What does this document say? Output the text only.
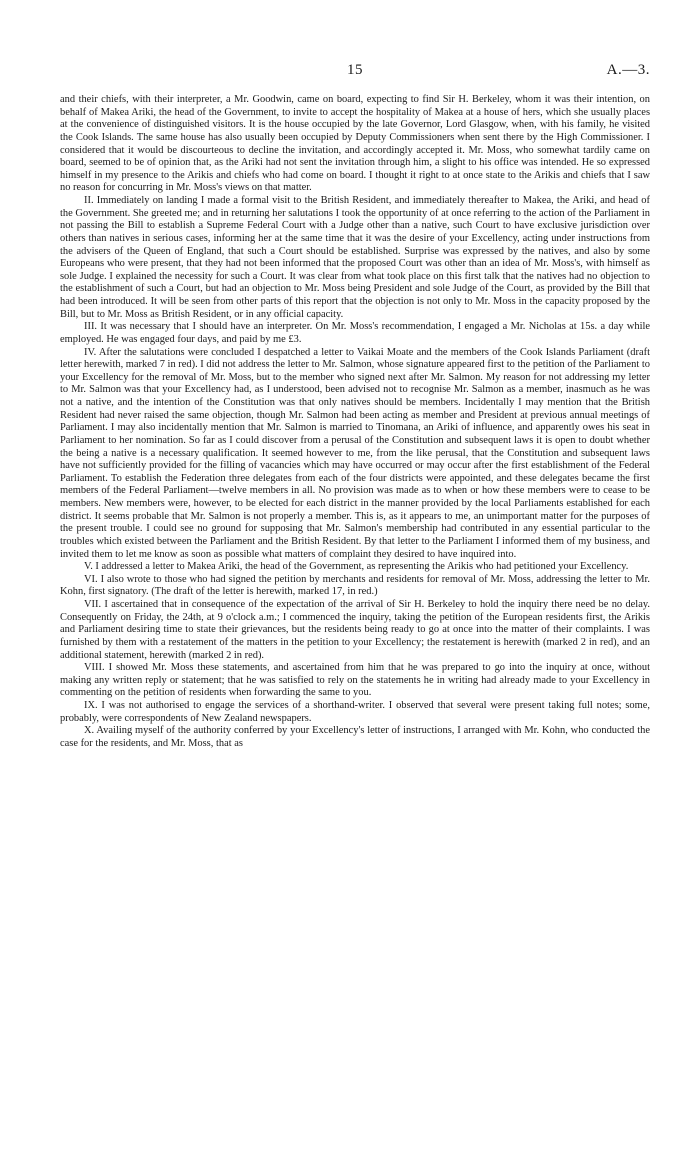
15	A.—3.

and their chiefs, with their interpreter, a Mr. Goodwin, came on board, expecting to find Sir H. Berkeley, whom it was their intention, on behalf of Makea Ariki, the head of the Government, to invite to accept the hospitality of Makea at a house of hers, which she usually places at the convenience of distinguished visitors. It is the house occupied by the late Governor, Lord Glasgow, when, with his family, he visited the Cook Islands. The same house has also usually been occupied by Deputy Commissioners when sent there by the High Commissioner. I considered that it would be discourteous to decline the invitation, and accordingly accepted it. Mr. Moss, who somewhat tardily came on board, seemed to be of opinion that, as the Ariki had not sent the invitation through him, a slight to his office was intended. He so expressed himself in my presence to the Arikis and chiefs who had come on board. I thought it right to at once state to the Arikis and chiefs that I saw no reason for concurring in Mr. Moss's views on that matter.

II. Immediately on landing I made a formal visit to the British Resident, and immediately thereafter to Makea, the Ariki, and head of the Government. She greeted me; and in returning her salutations I took the opportunity of at once referring to the action of the Parliament in not passing the Bill to establish a Supreme Federal Court with a Judge other than a native, such Court to have exclusive jurisdiction over others than natives in serious cases, informing her at the same time that it was the desire of your Excellency, acting under instructions from the advisers of the Queen of England, that such a Court should be established. Surprise was expressed by the natives, and also by some Europeans who were present, that they had not been informed that the proposed Court was other than an idea of Mr. Moss's, with himself as sole Judge. I explained the necessity for such a Court. It was clear from what took place on this first talk that the natives had no objection to the establishment of such a Court, but had an objection to Mr. Moss being President and sole Judge of the Court, as provided by the Bill that had been introduced. It will be seen from other parts of this report that the objection is not only to Mr. Moss in the capacity proposed by the Bill, but to Mr. Moss as British Resident, or in any official capacity.

III. It was necessary that I should have an interpreter. On Mr. Moss's recommendation, I engaged a Mr. Nicholas at 15s. a day while employed. He was engaged four days, and paid by me £3.

IV. After the salutations were concluded I despatched a letter to Vaikai Moate and the members of the Cook Islands Parliament (draft letter herewith, marked 7 in red). I did not address the letter to Mr. Salmon, whose signature appeared first to the petition of the Parliament to your Excellency for the removal of Mr. Moss, but to the member who signed next after Mr. Salmon. My reason for not addressing my letter to Mr. Salmon was that your Excellency had, as I understood, been advised not to recognise Mr. Salmon as a member, inasmuch as he was not a native, and the intention of the Constitution was that only natives should be members. Incidentally I may mention that the British Resident had never raised the same objection, though Mr. Salmon had been acting as member and President at previous annual meetings of Parliament. I may also incidentally mention that Mr. Salmon is married to Tinomana, an Ariki of influence, and apparently owes his seat in Parliament to her nomination. So far as I could discover from a perusal of the Constitution and subsequent laws it is open to doubt whether the being a native is a necessary qualification. It seemed however to me, from the like perusal, that the Constitution and subsequent laws have not sufficiently provided for the filling of vacancies which may have occurred or may occur after the first establishment of the Federal Parliament. To establish the Federation three delegates from each of the four districts were appointed, and these delegates became the first members of the Federal Parliament—twelve members in all. No provision was made as to when or how these members were to cease to be members. New members were, however, to be elected for each district in the manner provided by the local Parliaments established for each district. It seems probable that Mr. Salmon is not properly a member. This is, as it appears to me, an unimportant matter for the purposes of the present trouble. I could see no ground for supposing that Mr. Salmon's membership had contributed in any essential particular to the troubles which existed between the Parliament and the British Resident. By that letter to the Parliament I informed them of my business, and invited them to let me know as soon as possible what matters of complaint they desired to have inquired into.

V. I addressed a letter to Makea Ariki, the head of the Government, as representing the Arikis who had petitioned your Excellency.

VI. I also wrote to those who had signed the petition by merchants and residents for removal of Mr. Moss, addressing the letter to Mr. Kohn, first signatory. (The draft of the letter is herewith, marked 17, in red.)

VII. I ascertained that in consequence of the expectation of the arrival of Sir H. Berkeley to hold the inquiry there need be no delay. Consequently on Friday, the 24th, at 9 o'clock a.m.; I commenced the inquiry, taking the petition of the European residents first, the Arikis and Parliament desiring time to state their grievances, but the residents being ready to go at once into the matter of their complaints. I was furnished by them with a restatement of the matters in the petition to your Excellency; the restatement is herewith (marked 2 in red), and an additional statement, herewith (marked 2 in red).

VIII. I showed Mr. Moss these statements, and ascertained from him that he was prepared to go into the inquiry at once, without making any written reply or statement; that he was satisfied to rely on the statements he in writing had already made to your Excellency in commenting on the petition of residents when forwarding the same to you.

IX. I was not authorised to engage the services of a shorthand-writer. I observed that several were present taking full notes; some, probably, were correspondents of New Zealand newspapers.

X. Availing myself of the authority conferred by your Excellency's letter of instructions, I arranged with Mr. Kohn, who conducted the case for the residents, and Mr. Moss, that as
